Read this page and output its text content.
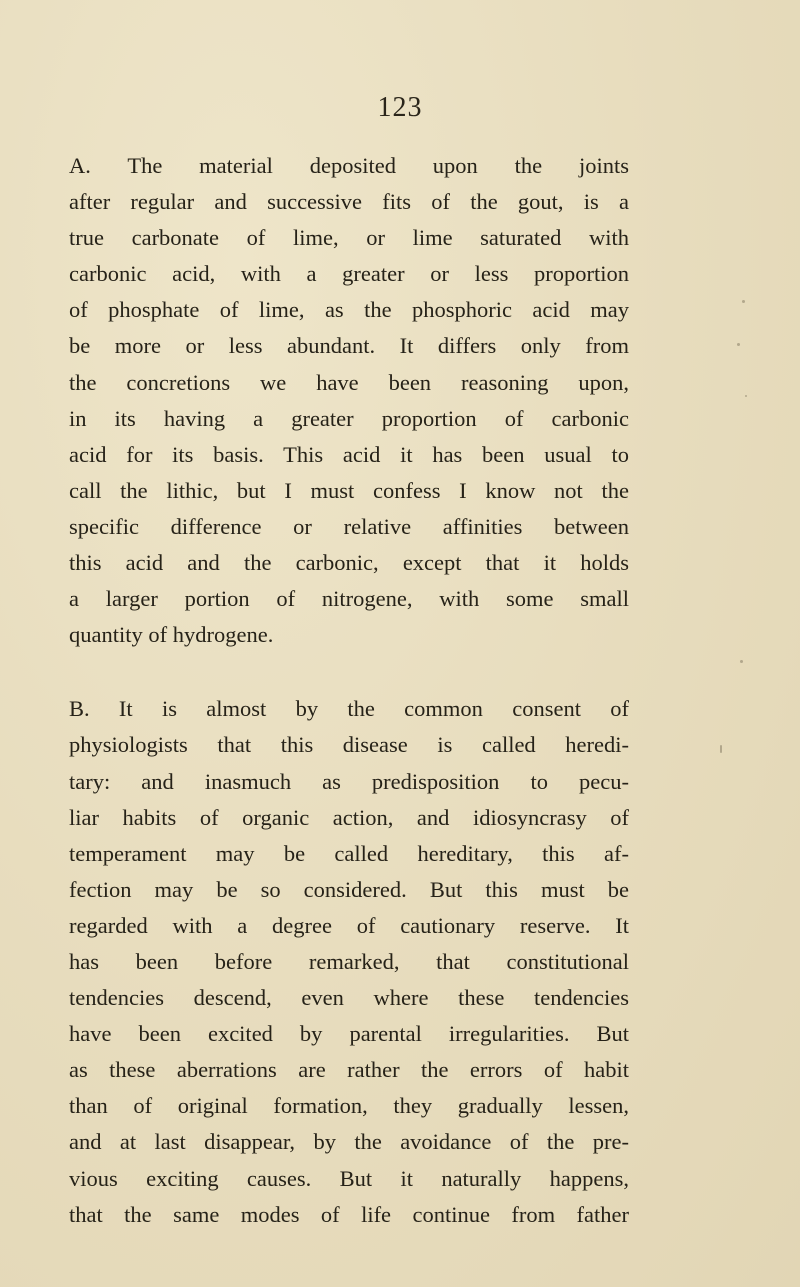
123
A. The material deposited upon the joints
after regular and successive fits of the gout, is a
true carbonate of lime, or lime saturated with
carbonic acid, with a greater or less proportion
of phosphate of lime, as the phosphoric acid may
be more or less abundant. It differs only from
the concretions we have been reasoning upon,
in its having a greater proportion of carbonic
acid for its basis. This acid it has been usual to
call the lithic, but I must confess I know not the
specific difference or relative affinities between
this acid and the carbonic, except that it holds
a larger portion of nitrogene, with some small
quantity of hydrogene.
B. It is almost by the common consent of
physiologists that this disease is called heredi-
tary: and inasmuch as predisposition to pecu-
liar habits of organic action, and idiosyncrasy of
temperament may be called hereditary, this af-
fection may be so considered. But this must be
regarded with a degree of cautionary reserve. It
has been before remarked, that constitutional
tendencies descend, even where these tendencies
have been excited by parental irregularities. But
as these aberrations are rather the errors of habit
than of original formation, they gradually lessen,
and at last disappear, by the avoidance of the pre-
vious exciting causes. But it naturally happens,
that the same modes of life continue from father
